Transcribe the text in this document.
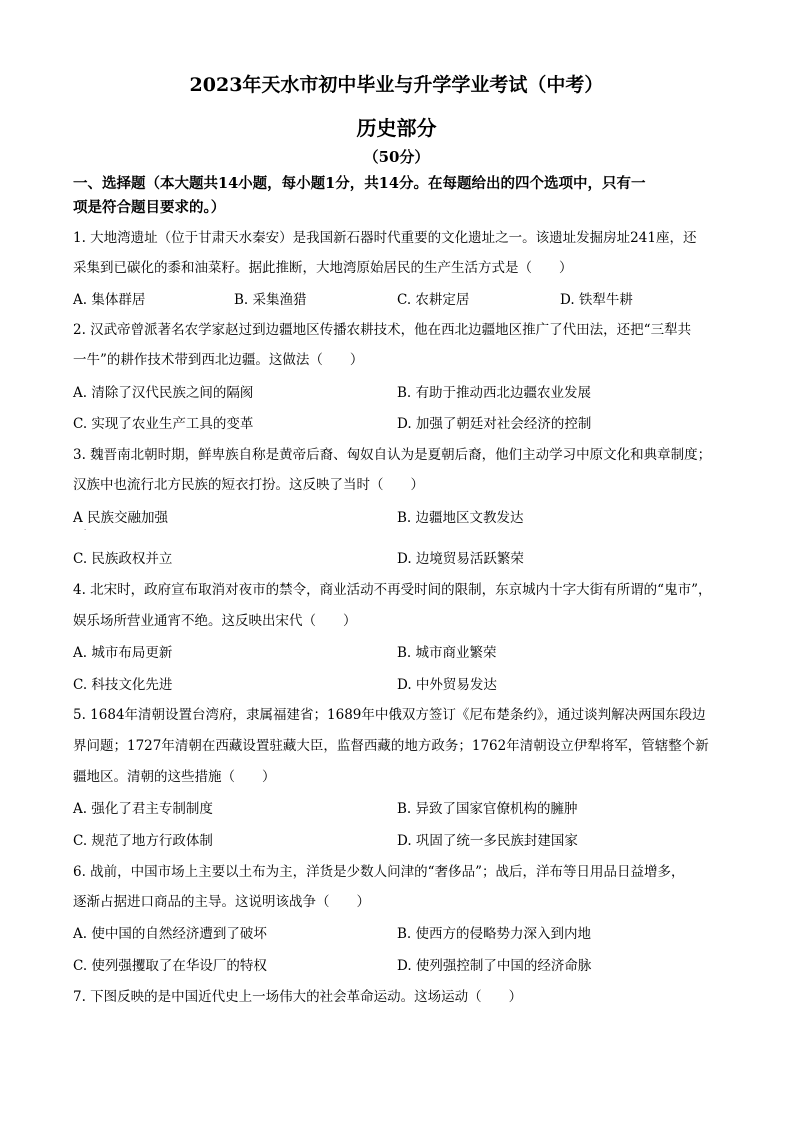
2023年天水市初中毕业与升学学业考试（中考）
历史部分
（50分）
一、选择题（本大题共14小题，每小题1分，共14分。在每题给出的四个选项中，只有一
项是符合题目要求的。）
1. 大地湾遗址（位于甘肃天水秦安）是我国新石器时代重要的文化遗址之一。该遗址发掘房址241座，还
采集到已碳化的黍和油菜籽。据此推断，大地湾原始居民的生产生活方式是（　　）
A. 集体群居	B. 采集渔猎	C. 农耕定居	D. 铁犁牛耕
2. 汉武帝曾派著名农学家赵过到边疆地区传播农耕技术，他在西北边疆地区推广了代田法，还把“三犁共
一牛”的耕作技术带到西北边疆。这做法（　　）
A. 清除了汉代民族之间的隔阂	B. 有助于推动西北边疆农业发展
C. 实现了农业生产工具的变革	D. 加强了朝廷对社会经济的控制
3. 魏晋南北朝时期，鲜卑族自称是黄帝后裔、匈奴自认为是夏朝后裔，他们主动学习中原文化和典章制度；
汉族中也流行北方民族的短衣打扮。这反映了当时（　　）
A 民族交融加强	B. 边疆地区文教发达
·
C. 民族政权并立	D. 边境贸易活跃繁荣
4. 北宋时，政府宣布取消对夜市的禁令，商业活动不再受时间的限制，东京城内十字大街有所谓的“鬼市”，
娱乐场所营业通宵不绝。这反映出宋代（　　）
A. 城市布局更新	B. 城市商业繁荣
C. 科技文化先进	D. 中外贸易发达
5. 1684年清朝设置台湾府，隶属福建省；1689年中俄双方签订《尼布楚条约》，通过谈判解决两国东段边
界问题；1727年清朝在西藏设置驻藏大臣，监督西藏的地方政务；1762年清朝设立伊犁将军，管辖整个新
疆地区。清朝的这些措施（　　）
A. 强化了君主专制制度	B. 异致了国家官僚机构的臃肿
C. 规范了地方行政体制	D. 巩固了统一多民族封建国家
6. 战前，中国市场上主要以土布为主，洋货是少数人问津的“奢侈品”；战后，洋布等日用品日益增多，
逐渐占据进口商品的主导。这说明该战争（　　）
A. 使中国的自然经济遭到了破坏	B. 使西方的侵略势力深入到内地
C. 使列强攫取了在华设厂的特权	D. 使列强控制了中国的经济命脉
7. 下图反映的是中国近代史上一场伟大的社会革命运动。这场运动（　　）
